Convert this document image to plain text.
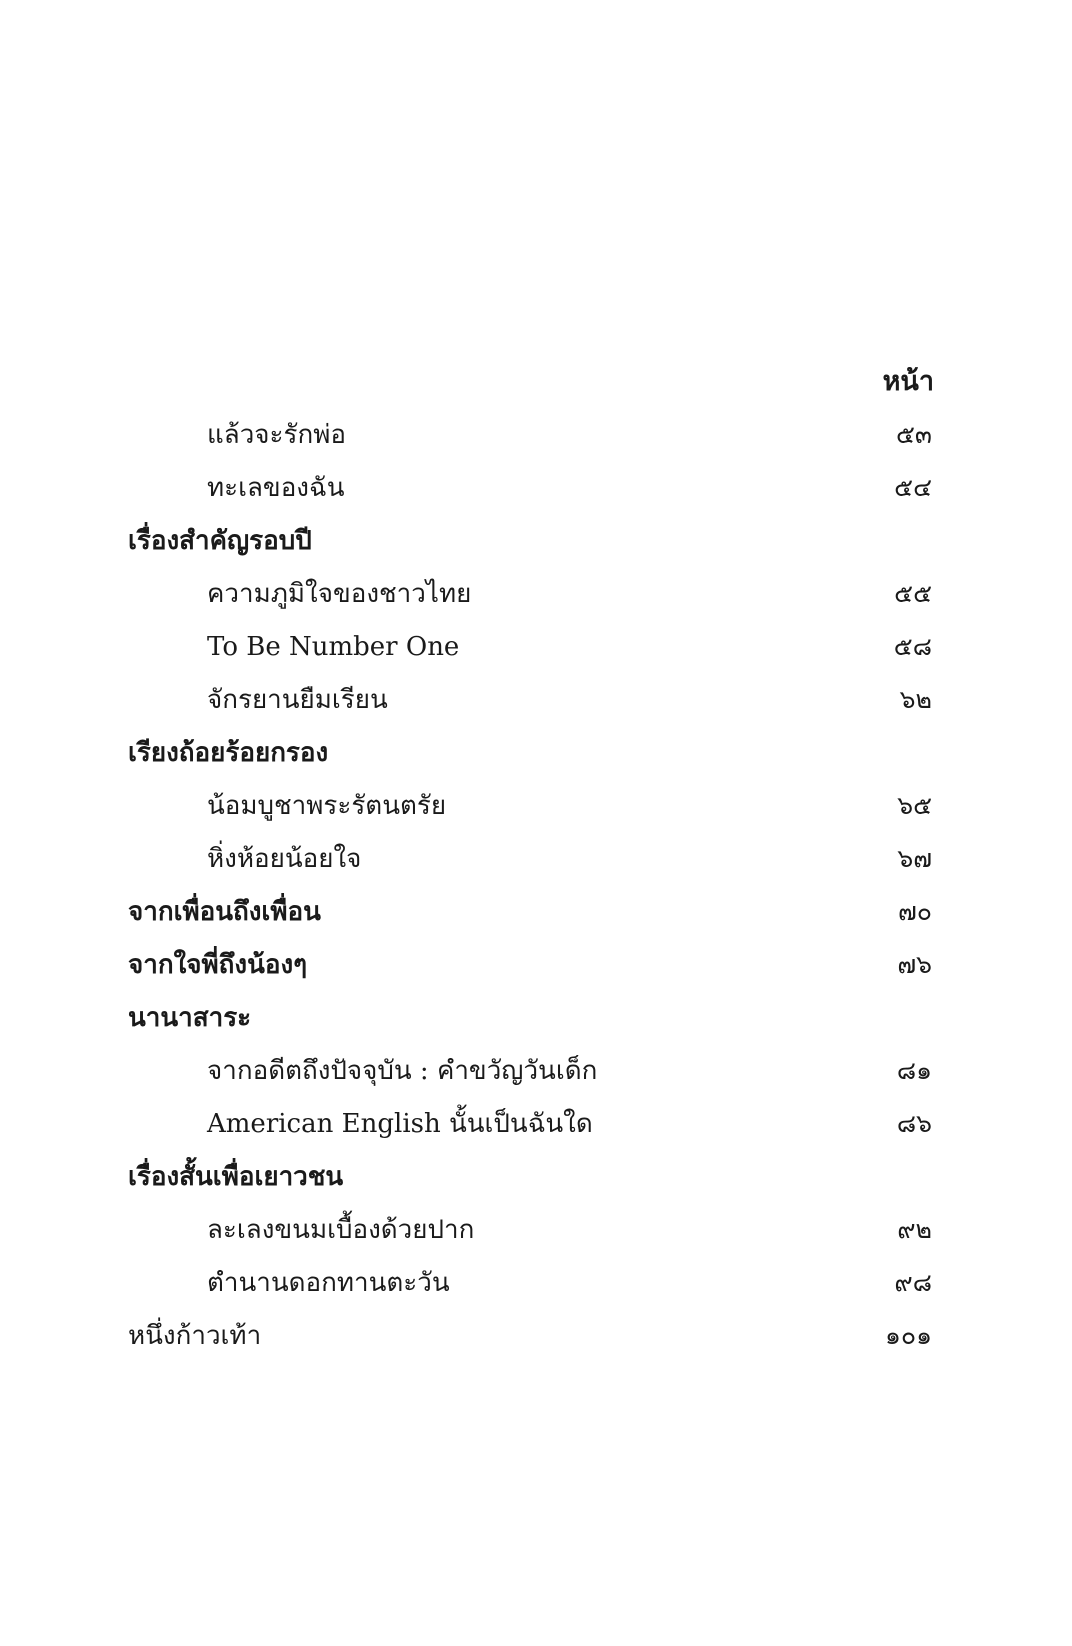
หน้า
แล้วจะรักพ่อ	๕๓
ทะเลของฉัน	๕๔
เรื่องสำคัญรอบปี
ความภูมิใจของชาวไทย	๕๕
To Be Number One	๕๘
จักรยานยืมเรียน	๖๒
เรียงถ้อยร้อยกรอง
น้อมบูชาพระรัตนตรัย	๖๕
หิ่งห้อยน้อยใจ	๖๗
จากเพื่อนถึงเพื่อน	๗๐
จากใจพี่ถึงน้องๆ	๗๖
นานาสาระ
จากอดีตถึงปัจจุบัน : คำขวัญวันเด็ก	๘๑
American English นั้นเป็นฉันใด	๘๖
เรื่องสั้นเพื่อเยาวชน
ละเลงขนมเบื้องด้วยปาก	๙๒
ตำนานดอกทานตะวัน	๙๘
หนึ่งก้าวเท้า	๑๐๑
